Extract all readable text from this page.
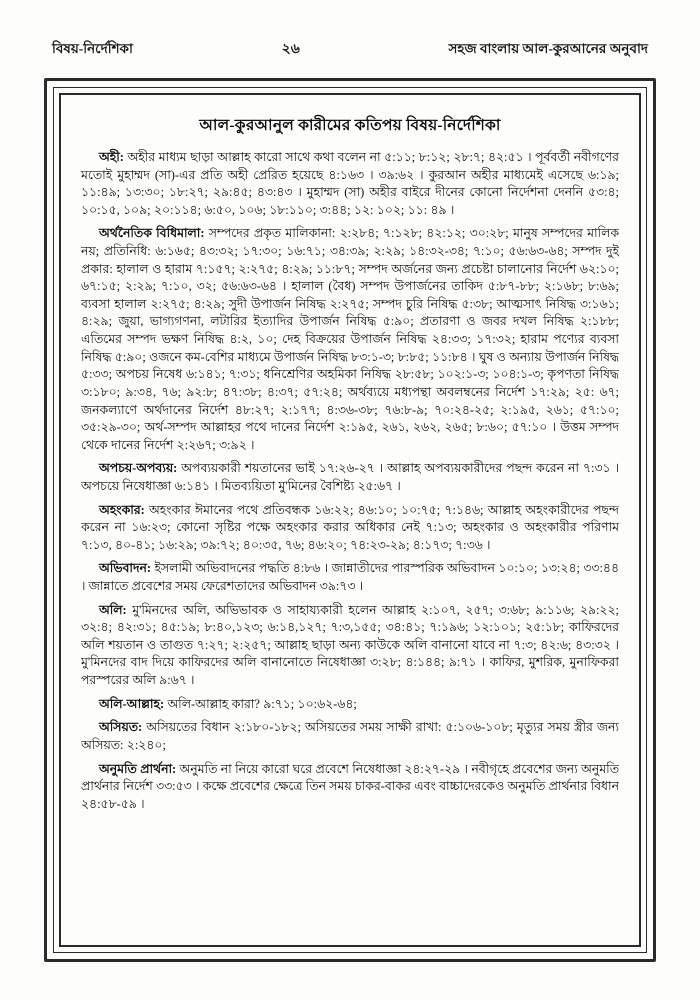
বিষয়-নির্দেশিকা	২৬	সহজ বাংলায় আল-কুরআনের অনুবাদ
আল-কুরআনুল কারীমের কতিপয় বিষয়-নির্দেশিকা

অহী: অহীর মাধ্যম ছাড়া আল্লাহ কারো সাথে কথা বলেন না ৫:১১; ৮:১২; ২৮:৭; ৪২:৫১ । পূর্ববর্তী নবীগণের মতোই মুহাম্মদ (সা)-এর প্রতি অহী প্রেরিত হয়েছে ৪:১৬৩ । ৩৯:৬২ । কুরআন অহীর মাধ্যমেই এসেছে ৬:১৯; ১১:৪৯; ১৩:৩০; ১৮:২৭; ২৯:৪৫; ৪৩:৪৩ । মুহাম্মদ (সা) অহীর বাইরে দীনের কোনো নির্দেশনা দেননি ৫৩:৪; ১০:১৫, ১০৯; ২০:১১৪; ৬:৫০, ১০৬; ১৮:১১০; ৩:৪৪; ১২: ১০২; ১১: ৪৯ ।

অর্থনৈতিক বিধিমালা: সম্পদের প্রকৃত মালিকানা: ২:২৮৪; ৭:১২৮; ৪২:১২; ৩০:২৮; মানুষ সম্পদের মালিক নয়; প্রতিনিধি: ৬:১৬৫; ৪৩:৩২; ১৭:৩০; ১৬:৭১; ৩৪:৩৯; ২:২৯; ১৪:৩২-৩৪; ৭:১০; ৫৬:৬৩-৬৪; সম্পদ দুই প্রকার: হালাল ও হারাম ৭:১৫৭; ২:২৭৫; ৪:২৯; ১১:৮৭; সম্পদ অর্জনের জন্য প্রচেষ্টা চালানোর নির্দেশ ৬২:১০; ৬৭:১৫; ২:২৯; ৭:১০, ৩২; ৫৬:৬৩-৬৪ । হালাল (বৈধ) সম্পদ উপার্জনের তাকিদ ৫:৮৭-৮৮; ২:১৬৮; ৮:৬৯; ব্যবসা হালাল ২:২৭৫; ৪:২৯; সুদী উপার্জন নিষিদ্ধ ২:২৭৫; সম্পদ চুরি নিষিদ্ধ ৫:৩৮; আত্মসাৎ নিষিদ্ধ ৩:১৬১; ৪:২৯; জুয়া, ভাগ্যগণনা, লটারির ইত্যাদির উপার্জন নিষিদ্ধ ৫:৯০; প্রতারণা ও জবর দখল নিষিদ্ধ ২:১৮৮; এতিমের সম্পদ ভক্ষণ নিষিদ্ধ ৪:২, ১০; দেহ বিক্রয়ের উপার্জন নিষিদ্ধ ২৪:৩৩; ১৭:৩২; হারাম পণ্যের ব্যবসা নিষিদ্ধ ৫:৯০; ওজনে কম-বেশির মাধ্যমে উপার্জন নিষিদ্ধ ৮৩:১-৩; ৮:৮৫; ১১:৮৪ । ঘুষ ও অন্যায় উপার্জন নিষিদ্ধ ৫:৩৩; অপচয় নিষেধ ৬:১৪১; ৭:৩১; ধনিশ্রেণির অহমিকা নিষিদ্ধ ২৮:৫৮; ১০২:১-৩; ১০৪:১-৩; কৃপণতা নিষিদ্ধ ৩:১৮০; ৯:৩৪, ৭৬; ৯২:৮; ৪৭:৩৮; ৪:৩৭; ৫৭:২৪; অর্থব্যয়ে মধ্যপন্থা অবলম্বনের নির্দেশ ১৭:২৯; ২৫: ৬৭; জনকল্যাণে অর্থদানের নির্দেশ ৪৮:২৭; ২:১৭৭; ৪:৩৬-৩৮; ৭৬:৮-৯; ৭০:২৪-২৫; ২:১৯৫, ২৬১; ৫৭:১০; ৩৫:২৯-৩০; অর্থ-সম্পদ আল্লাহর পথে দানের নির্দেশ ২:১৯৫, ২৬১, ২৬২, ২৬৫; ৮:৬০; ৫৭:১০ । উত্তম সম্পদ থেকে দানের নির্দেশ ২:২৬৭; ৩:৯২ ।

অপচয়-অপব্যয়: অপব্যয়কারী শয়তানের ভাই ১৭:২৬-২৭ । আল্লাহ অপব্যয়কারীদের পছন্দ করেন না ৭:৩১ । অপচয়ে নিষেধাজ্ঞা ৬:১৪১ । মিতব্যয়িতা মু'মিনের বৈশিষ্ট্য ২৫:৬৭ ।

অহংকার: অহংকার ঈমানের পথে প্রতিবন্ধক ১৬:২২; ৪৬:১০; ১০:৭৫; ৭:১৪৬; আল্লাহ অহংকারীদের পছন্দ করেন না ১৬:২৩; কোনো সৃষ্টির পক্ষে অহংকার করার অধিকার নেই ৭:১৩; অহংকার ও অহংকারীর পরিণাম ৭:১৩, ৪০-৪১; ১৬:২৯; ৩৯:৭২; ৪০:৩৫, ৭৬; ৪৬:২০; ৭৪:২৩-২৯; ৪:১৭৩; ৭:৩৬ ।

অভিবাদন: ইসলামী অভিবাদনের পদ্ধতি ৪:৮৬ । জান্নাতীদের পারস্পরিক অভিবাদন ১০:১০; ১৩:২৪; ৩৩:৪৪ । জান্নাতে প্রবেশের সময় ফেরেশতাদের অভিবাদন ৩৯:৭৩ ।

অলি: মু'মিনদের অলি, অভিভাবক ও সাহায্যকারী হলেন আল্লাহ ২:১০৭, ২৫৭; ৩:৬৮; ৯:১১৬; ২৯:২২; ৩২:৪; ৪২:৩১; ৪৫:১৯; ৮:৪০,১২৩; ৬:১৪,১২৭; ৭:৩,১৫৫; ৩৪:৪১; ৭:১৯৬; ১২:১০১; ২৫:১৮; কাফিরদের অলি শয়তান ও তাগুত ৭:২৭; ২:২৫৭; আল্লাহ ছাড়া অন্য কাউকে অলি বানানো যাবে না ৭:৩; ৪২:৬; ৪৩:৩২ । মু'মিনদের বাদ দিয়ে কাফিরদের অলি বানানোতে নিষেধাজ্ঞা ৩:২৮; ৪:১৪৪; ৯:৭১ । কাফির, মুশরিক, মুনাফিকরা পরস্পরের অলি ৯:৬৭ ।

অলি-আল্লাহ: অলি-আল্লাহ কারা? ৯:৭১; ১০:৬২-৬৪;

অসিয়ত: অসিয়তের বিধান ২:১৮০-১৮২; অসিয়তের সময় সাক্ষী রাখা: ৫:১০৬-১০৮; মৃত্যুর সময় স্ত্রীর জন্য অসিয়ত: ২:২৪০;

অনুমতি প্রার্থনা: অনুমতি না নিয়ে কারো ঘরে প্রবেশে নিষেধাজ্ঞা ২৪:২৭-২৯ । নবীগৃহে প্রবেশের জন্য অনুমতি প্রার্থনার নির্দেশ ৩৩:৫৩ । কক্ষে প্রবেশের ক্ষেত্রে তিন সময় চাকর-বাকর এবং বাচ্চাদেরকেও অনুমতি প্রার্থনার বিধান ২৪:৫৮-৫৯ ।
